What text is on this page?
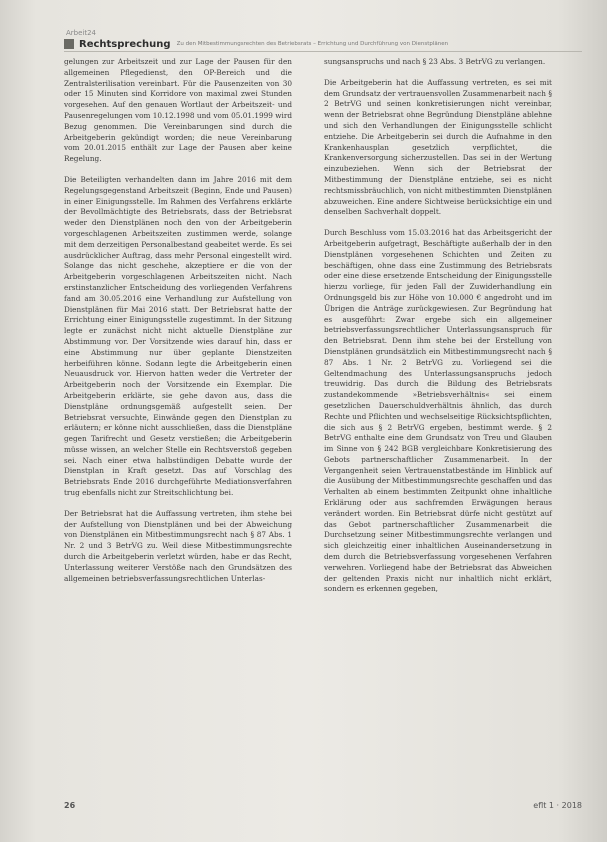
Arbeit24
Rechtsprechung Zu den Mitbestimmungsrechten des Betriebsrats – Errichtung und Durchführung von Dienstplänen

gelungen zur Arbeitszeit und zur Lage der Pausen für den allgemeinen Pflegedienst, den OP-Bereich und die Zentralsterilisation vereinbart. Für die Pausenzeiten von 30 oder 15 Minuten sind Korridore von maximal zwei Stunden vorgesehen. Auf den genauen Wortlaut der Arbeitszeit- und Pausenregelungen vom 10.12.1998 und vom 05.01.1999 wird Bezug genommen. Die Vereinbarungen sind durch die Arbeitgeberin gekündigt worden; die neue Vereinbarung vom 20.01.2015 enthält zur Lage der Pausen aber keine Regelung.

Die Beteiligten verhandelten dann im Jahre 2016 mit dem Regelungsgegenstand Arbeitszeit (Beginn, Ende und Pausen) in einer Einigungsstelle. Im Rahmen des Verfahrens erklärte der Bevollmächtigte des Betriebsrats, dass der Betriebsrat weder den Dienstplänen noch den von der Arbeitgeberin vorgeschlagenen Arbeitszeiten zustimmen werde, solange mit dem derzeitigen Personalbestand geabeitet werde. Es sei ausdrücklicher Auftrag, dass mehr Personal eingestellt wird. Solange das nicht geschehe, akzeptiere er die von der Arbeitgeberin vorgeschlagenen Arbeitszeiten nicht. Nach erstinstanzlicher Entscheidung des vorliegenden Verfahrens fand am 30.05.2016 eine Verhandlung zur Aufstellung von Dienstplänen für Mai 2016 statt. Der Betriebsrat hatte der Errichtung einer Einigungsstelle zugestimmt. In der Sitzung legte er zunächst nicht nicht aktuelle Dienstpläne zur Abstimmung vor. Der Vorsitzende wies darauf hin, dass er eine Abstimmung nur über geplante Dienstzeiten herbeiführen könne. Sodann legte die Arbeitgeberin einen Neuausdruck vor. Hiervon hatten weder die Vertreter der Arbeitgeberin noch der Vorsitzende ein Exemplar. Die Arbeitgeberin erklärte, sie gehe davon aus, dass die Dienstpläne ordnungsgemäß aufgestellt seien. Der Betriebsrat versuchte, Einwände gegen den Dienstplan zu erläutern; er könne nicht ausschließen, dass die Dienstpläne gegen Tarifrecht und Gesetz verstießen; die Arbeitgeberin müsse wissen, an welcher Stelle ein Rechtsverstoß gegeben sei. Nach einer etwa halbstündigen Debatte wurde der Dienstplan in Kraft gesetzt. Das auf Vorschlag des Betriebsrats Ende 2016 durchgeführte Mediationsverfahren trug ebenfalls nicht zur Streitschlichtung bei.

Der Betriebsrat hat die Auffassung vertreten, ihm stehe bei der Aufstellung von Dienstplänen und bei der Abweichung von Dienstplänen ein Mitbestimmungsrecht nach § 87 Abs. 1 Nr. 2 und 3 BetrVG zu. Weil diese Mitbestimmungsrechte durch die Arbeitgeberin verletzt würden, habe er das Recht, Unterlassung weiterer Verstöße nach den Grundsätzen des allgemeinen betriebsverfassungsrechtlichen Unterlas-

sungsanspruchs und nach § 23 Abs. 3 BetrVG zu verlangen.

Die Arbeitgeberin hat die Auffassung vertreten, es sei mit dem Grundsatz der vertrauensvollen Zusammenarbeit nach § 2 BetrVG und seinen konkretisierungen nicht vereinbar, wenn der Betriebsrat ohne Begründung Dienstpläne ablehne und sich den Verhandlungen der Einigungsstelle schlicht entziehe. Die Arbeitgeberin sei durch die Aufnahme in den Krankenhausplan gesetzlich verpflichtet, die Krankenversorgung sicherzustellen. Das sei in der Wertung einzubeziehen. Wenn sich der Betriebsrat der Mitbestimmung der Dienstpläne entziehe, sei es nicht rechtsmissbräuchlich, von nicht mitbestimmten Dienstplänen abzuweichen. Eine andere Sichtweise berücksichtige ein und denselben Sachverhalt doppelt.

Durch Beschluss vom 15.03.2016 hat das Arbeitsgericht der Arbeitgeberin aufgetragt, Beschäftigte außerhalb der in den Dienstplänen vorgesehenen Schichten und Zeiten zu beschäftigen, ohne dass eine Zustimmung des Betriebsrats oder eine diese ersetzende Entscheidung der Einigungsstelle hierzu vorliege, für jeden Fall der Zuwiderhandlung ein Ordnungsgeld bis zur Höhe von 10.000 € angedroht und im Übrigen die Anträge zurückgewiesen. Zur Begründung hat es ausgeführt: Zwar ergebe sich ein allgemeiner betriebsverfassungsrechtlicher Unterlassungsanspruch für den Betriebsrat. Denn ihm stehe bei der Erstellung von Dienstplänen grundsätzlich ein Mitbestimmungsrecht nach § 87 Abs. 1 Nr. 2 BetrVG zu. Vorliegend sei die Geltendmachung des Unterlassungsanspruchs jedoch treuwidrig. Das durch die Bildung des Betriebsrats zustandekommende »Betriebsverhältnis« sei einem gesetzlichen Dauerschuldverhältnis ähnlich, das durch Rechte und Pflichten und wechselseitige Rücksichtspflichten, die sich aus § 2 BetrVG ergeben, bestimmt werde. § 2 BetrVG enthalte eine dem Grundsatz von Treu und Glauben im Sinne von § 242 BGB vergleichbare Konkretisierung des Gebots partnerschaftlicher Zusammenarbeit. In der Vergangenheit seien Vertrauenstatbestände im Hinblick auf die Ausübung der Mitbestimmungsrechte geschaffen und das Verhalten ab einem bestimmten Zeitpunkt ohne inhaltliche Erklärung oder aus sachfremden Erwägungen heraus verändert worden. Ein Betriebsrat dürfe nicht gestützt auf das Gebot partnerschaftlicher Zusammenarbeit die Durchsetzung seiner Mitbestimmungsrechte verlangen und sich gleichzeitig einer inhaltlichen Auseinandersetzung in dem durch die Betriebsverfassung vorgesehenen Verfahren verwehren. Vorliegend habe der Betriebsrat das Abweichen der geltenden Praxis nicht nur inhaltlich nicht erklärt, sondern es erkennen gegeben,

26	eflt 1 · 2018
